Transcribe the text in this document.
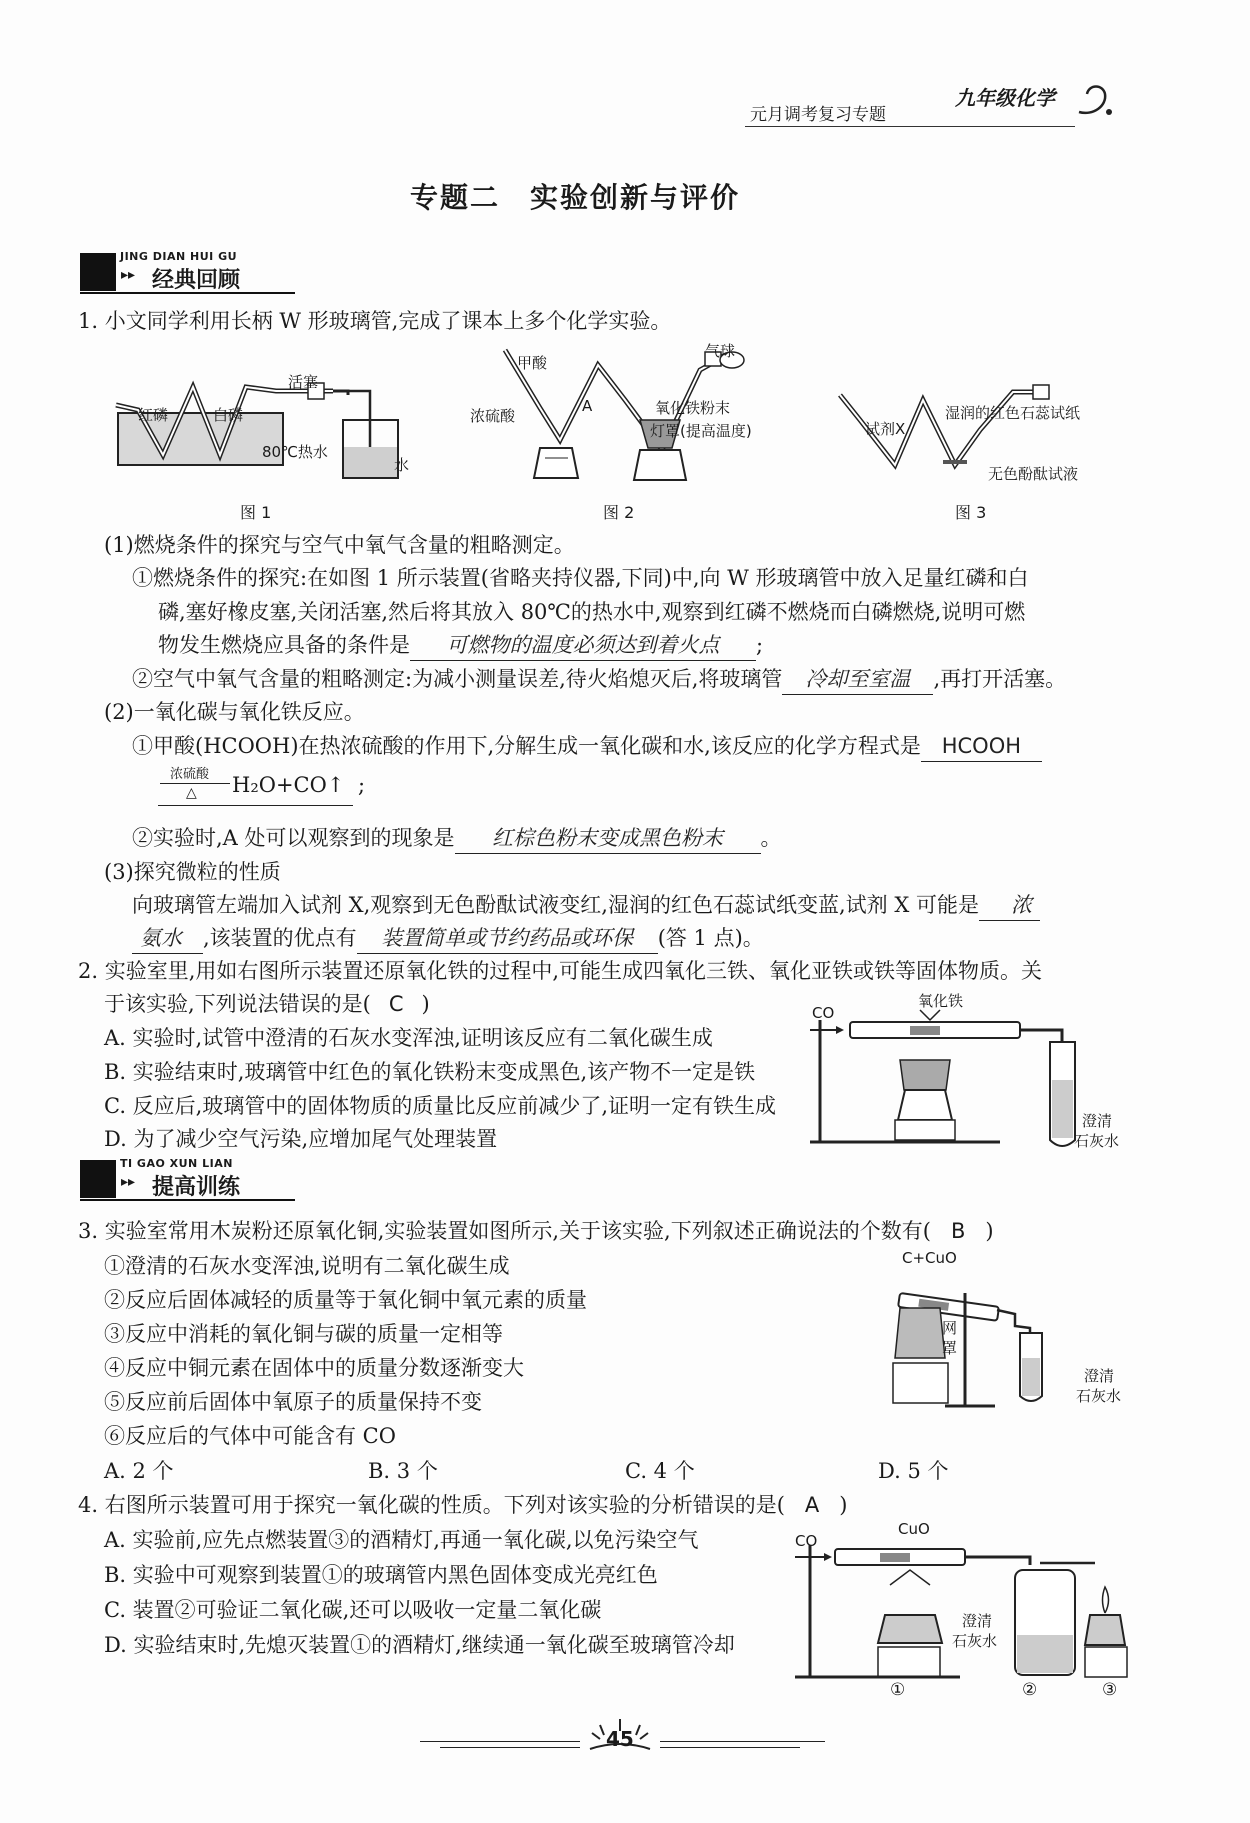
元月调考复习专题
九年级化学
专题二　实验创新与评价
JING DIAN HUI GU
▸▸ 经典回顾
1. 小文同学利用长柄 W 形玻璃管,完成了课本上多个化学实验。
红磷	白磷
活塞
80℃热水
水
图 1
甲酸
气球
浓硫酸
A	氧化铁粉末
灯罩(提高温度)
图 2
试剂X
湿润的红色石蕊试纸
无色酚酞试液
图 3
(1)燃烧条件的探究与空气中氧气含量的粗略测定。
①燃烧条件的探究:在如图 1 所示装置(省略夹持仪器,下同)中,向 W 形玻璃管中放入足量红磷和白
磷,塞好橡皮塞,关闭活塞,然后将其放入 80℃的热水中,观察到红磷不燃烧而白磷燃烧,说明可燃
物发生燃烧应具备的条件是 可燃物的温度必须达到着火点 ;
②空气中氧气含量的粗略测定:为减小测量误差,待火焰熄灭后,将玻璃管 冷却至室温 ,再打开活塞。
(2)一氧化碳与氧化铁反应。
①甲酸(HCOOH)在热浓硫酸的作用下,分解生成一氧化碳和水,该反应的化学方程式是 HCOOH
浓硫酸
△ H₂O+CO↑ ;
②实验时,A 处可以观察到的现象是 红棕色粉末变成黑色粉末 。
(3)探究微粒的性质
向玻璃管左端加入试剂 X,观察到无色酚酞试液变红,湿润的红色石蕊试纸变蓝,试剂 X 可能是 浓
氨水 ,该装置的优点有 装置简单或节约药品或环保 (答 1 点)。
2. 实验室里,用如右图所示装置还原氧化铁的过程中,可能生成四氧化三铁、氧化亚铁或铁等固体物质。关
于该实验,下列说法错误的是( C )
A. 实验时,试管中澄清的石灰水变浑浊,证明该反应有二氧化碳生成
B. 实验结束时,玻璃管中红色的氧化铁粉末变成黑色,该产物不一定是铁
C. 反应后,玻璃管中的固体物质的质量比反应前减少了,证明一定有铁生成
D. 为了减少空气污染,应增加尾气处理装置
CO
氧化铁
澄清
石灰水
TI GAO XUN LIAN
▸▸ 提高训练
3. 实验室常用木炭粉还原氧化铜,实验装置如图所示,关于该实验,下列叙述正确说法的个数有( B )
①澄清的石灰水变浑浊,说明有二氧化碳生成
②反应后固体减轻的质量等于氧化铜中氧元素的质量
③反应中消耗的氧化铜与碳的质量一定相等
④反应中铜元素在固体中的质量分数逐渐变大
⑤反应前后固体中氧原子的质量保持不变
⑥反应后的气体中可能含有 CO
A. 2 个	B. 3 个	C. 4 个	D. 5 个
C+CuO
网
罩
澄清
石灰水
4. 右图所示装置可用于探究一氧化碳的性质。下列对该实验的分析错误的是( A )
A. 实验前,应先点燃装置③的酒精灯,再通一氧化碳,以免污染空气
B. 实验中可观察到装置①的玻璃管内黑色固体变成光亮红色
C. 装置②可验证二氧化碳,还可以吸收一定量二氧化碳
D. 实验结束时,先熄灭装置①的酒精灯,继续通一氧化碳至玻璃管冷却
CO
CuO
澄清
石灰水
①	②	③
45
